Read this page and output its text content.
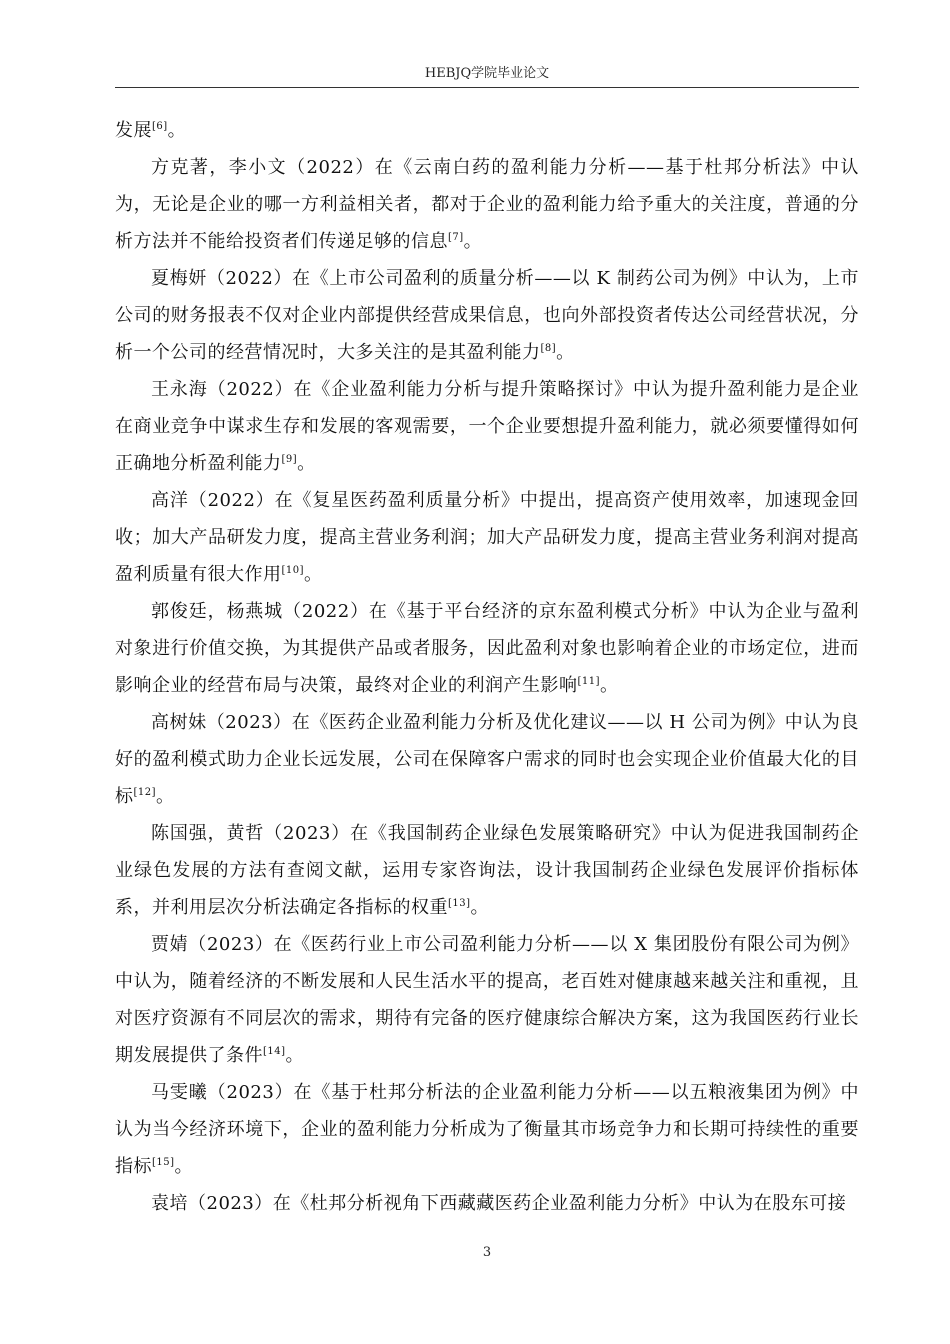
HEBJQ学院毕业论文

发展[6]。

方克著，李小文（2022）在《云南白药的盈利能力分析——基于杜邦分析法》中认为，无论是企业的哪一方利益相关者，都对于企业的盈利能力给予重大的关注度，普通的分析方法并不能给投资者们传递足够的信息[7]。

夏梅妍（2022）在《上市公司盈利的质量分析——以 K 制药公司为例》中认为，上市公司的财务报表不仅对企业内部提供经营成果信息，也向外部投资者传达公司经营状况，分析一个公司的经营情况时，大多关注的是其盈利能力[8]。

王永海（2022）在《企业盈利能力分析与提升策略探讨》中认为提升盈利能力是企业在商业竞争中谋求生存和发展的客观需要，一个企业要想提升盈利能力，就必须要懂得如何正确地分析盈利能力[9]。

高洋（2022）在《复星医药盈利质量分析》中提出，提高资产使用效率，加速现金回收；加大产品研发力度，提高主营业务利润；加大产品研发力度，提高主营业务利润对提高盈利质量有很大作用[10]。

郭俊廷，杨燕城（2022）在《基于平台经济的京东盈利模式分析》中认为企业与盈利对象进行价值交换，为其提供产品或者服务，因此盈利对象也影响着企业的市场定位，进而影响企业的经营布局与决策，最终对企业的利润产生影响[11]。

高树妹（2023）在《医药企业盈利能力分析及优化建议——以 H 公司为例》中认为良好的盈利模式助力企业长远发展，公司在保障客户需求的同时也会实现企业价值最大化的目标[12]。

陈国强，黄哲（2023）在《我国制药企业绿色发展策略研究》中认为促进我国制药企业绿色发展的方法有查阅文献，运用专家咨询法，设计我国制药企业绿色发展评价指标体系，并利用层次分析法确定各指标的权重[13]。

贾婧（2023）在《医药行业上市公司盈利能力分析——以 X 集团股份有限公司为例》中认为，随着经济的不断发展和人民生活水平的提高，老百姓对健康越来越关注和重视，且对医疗资源有不同层次的需求，期待有完备的医疗健康综合解决方案，这为我国医药行业长期发展提供了条件[14]。

马雯曦（2023）在《基于杜邦分析法的企业盈利能力分析——以五粮液集团为例》中认为当今经济环境下，企业的盈利能力分析成为了衡量其市场竞争力和长期可持续性的重要指标[15]。

袁培（2023）在《杜邦分析视角下西藏藏医药企业盈利能力分析》中认为在股东可接

3
